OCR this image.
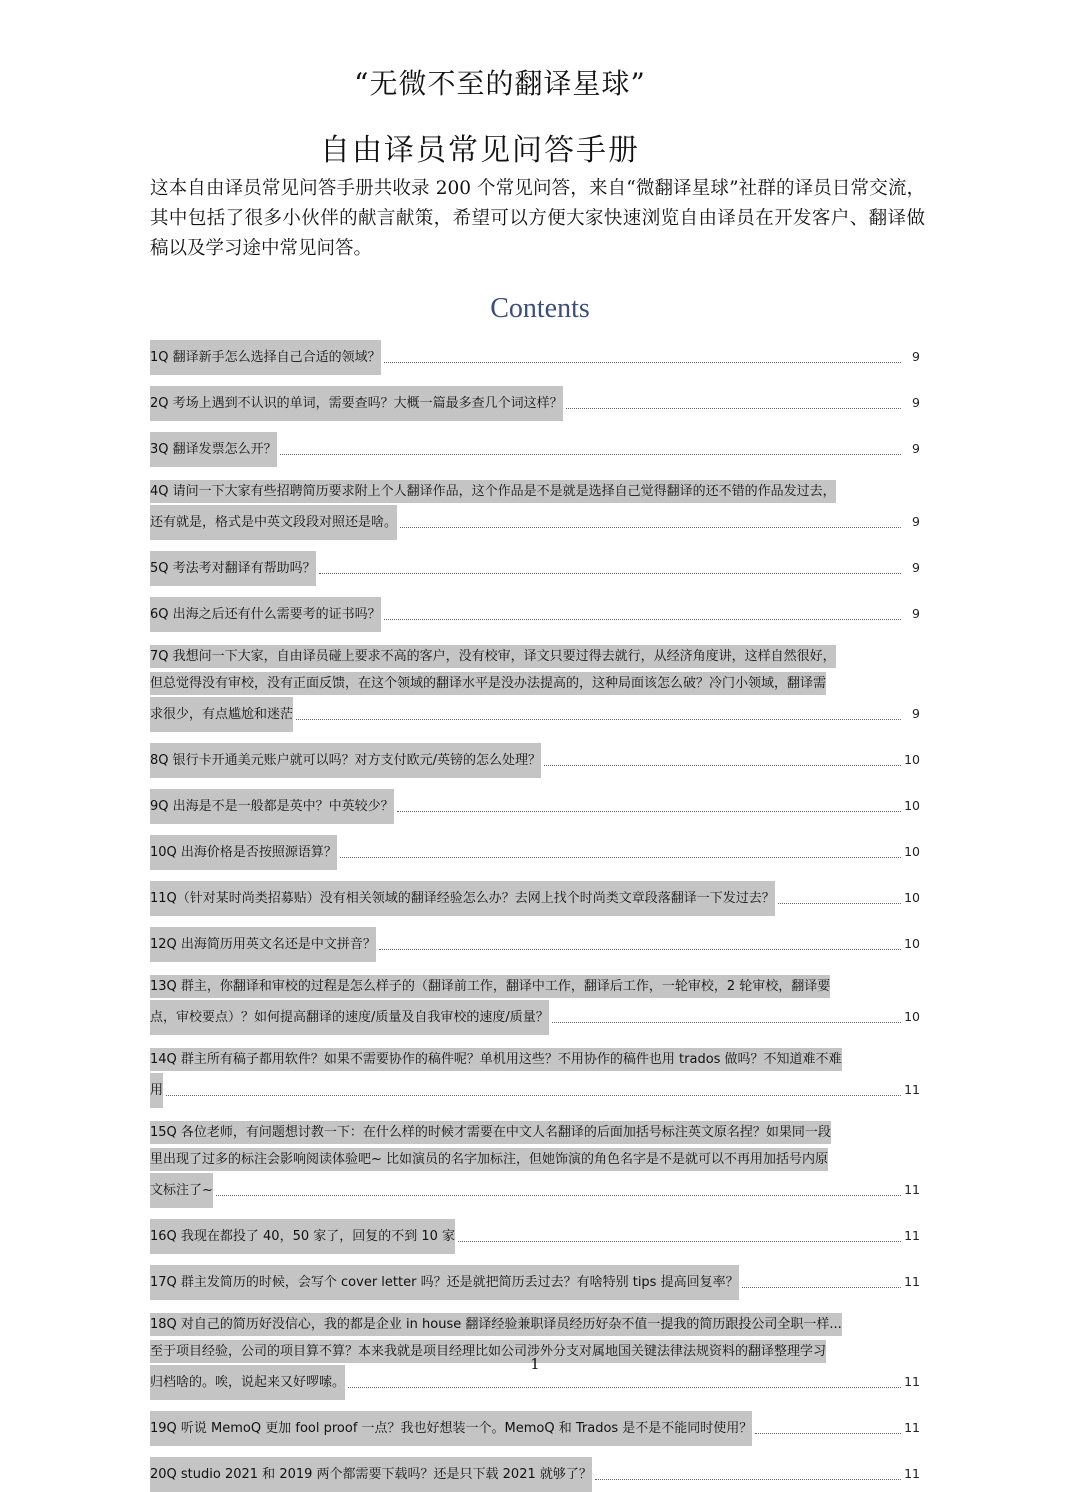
“无微不至的翻译星球”
自由译员常见问答手册
这本自由译员常见问答手册共收录 200 个常见问答，来自“微翻译星球”社群的译员日常交流，其中包括了很多小伙伴的献言献策，希望可以方便大家快速浏览自由译员在开发客户、翻译做稿以及学习途中常见问答。
Contents
1Q 翻译新手怎么选择自己合适的领域？	9
2Q 考场上遇到不认识的单词，需要查吗？大概一篇最多查几个词这样？	9
3Q 翻译发票怎么开？	9
4Q 请问一下大家有些招聘简历要求附上个人翻译作品，这个作品是不是就是选择自己觉得翻译的还不错的作品发过去，
还有就是，格式是中英文段段对照还是啥。	9
5Q 考法考对翻译有帮助吗？	9
6Q 出海之后还有什么需要考的证书吗？	9
7Q 我想问一下大家，自由译员碰上要求不高的客户，没有校审，译文只要过得去就行，从经济角度讲，这样自然很好，
但总觉得没有审校，没有正面反馈，在这个领域的翻译水平是没办法提高的，这种局面该怎么破？冷门小领域，翻译需
求很少，有点尴尬和迷茫	9
8Q 银行卡开通美元账户就可以吗？对方支付欧元/英镑的怎么处理？	10
9Q 出海是不是一般都是英中？中英较少？	10
10Q 出海价格是否按照源语算？	10
11Q（针对某时尚类招募贴）没有相关领域的翻译经验怎么办？去网上找个时尚类文章段落翻译一下发过去？	10
12Q 出海简历用英文名还是中文拼音？	10
13Q 群主，你翻译和审校的过程是怎么样子的（翻译前工作，翻译中工作，翻译后工作，一轮审校，2 轮审校，翻译要
点，审校要点）？如何提高翻译的速度/质量及自我审校的速度/质量？	10
14Q 群主所有稿子都用软件？如果不需要协作的稿件呢？单机用这些？不用协作的稿件也用 trados 做吗？不知道难不难
用	11
15Q 各位老师，有问题想讨教一下：在什么样的时候才需要在中文人名翻译的后面加括号标注英文原名捏？如果同一段
里出现了过多的标注会影响阅读体验吧~ 比如演员的名字加标注，但她饰演的角色名字是不是就可以不再用加括号内原
文标注了~	11
16Q 我现在都投了 40，50 家了，回复的不到 10 家	11
17Q 群主发简历的时候，会写个 cover letter 吗？还是就把简历丢过去？有啥特别 tips 提高回复率？	11
18Q 对自己的简历好没信心，我的都是企业 in house 翻译经验兼职译员经历好杂不值一提我的简历跟投公司全职一样...
至于项目经验，公司的项目算不算？本来我就是项目经理比如公司涉外分支对属地国关键法律法规资料的翻译整理学习
归档啥的。唉，说起来又好啰嗦。	11
19Q 听说 MemoQ 更加 fool proof 一点？我也好想装一个。MemoQ 和 Trados 是不是不能同时使用？	11
20Q studio 2021 和 2019 两个都需要下载吗？还是只下载 2021 就够了？	11
1
